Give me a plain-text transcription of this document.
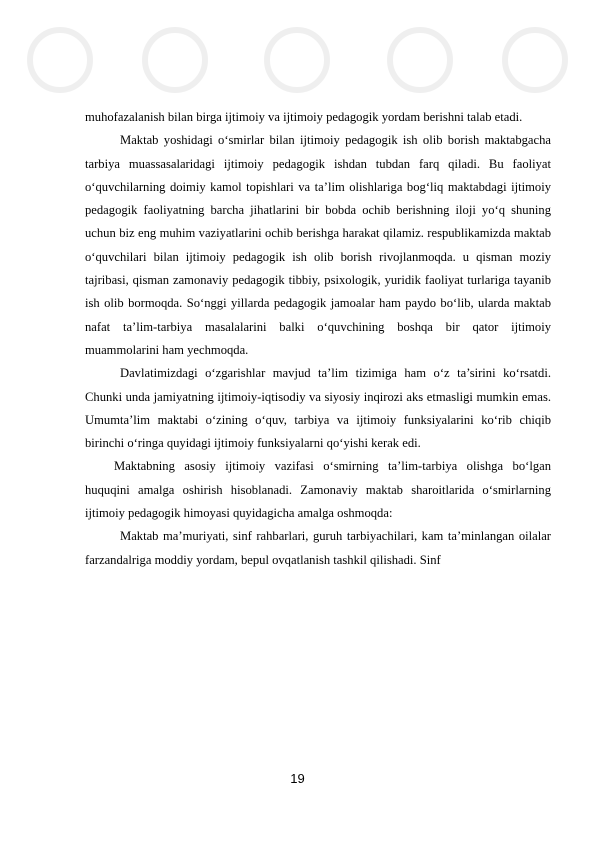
muhofazalanish bilan birga ijtimoiy va ijtimoiy pedagogik yordam berishni talab etadi.

Maktab yoshidagi o‘smirlar bilan ijtimoiy pedagogik ish olib borish maktabgacha tarbiya muassasalaridagi ijtimoiy pedagogik ishdan tubdan farq qiladi. Bu faoliyat o‘quvchilarning doimiy kamol topishlari va ta’lim olishlariga bog‘liq maktabdagi ijtimoiy pedagogik faoliyatning barcha jihatlarini bir bobda ochib berishning iloji yo‘q shuning uchun biz eng muhim vaziyatlarini ochib berishga harakat qilamiz. respublikamizda maktab o‘quvchilari bilan ijtimoiy pedagogik ish olib borish rivojlanmoqda. u qisman moziy tajribasi, qisman zamonaviy pedagogik tibbiy, psixologik, yuridik faoliyat turlariga tayanib ish olib bormoqda. So‘nggi yillarda pedagogik jamoalar ham paydo bo‘lib, ularda maktab nafat ta’lim-tarbiya masalalarini balki o‘quvchining boshqa bir qator ijtimoiy muammolarini ham yechmoqda.

Davlatimizdagi o‘zgarishlar mavjud ta’lim tizimiga ham o‘z ta’sirini ko‘rsatdi. Chunki unda jamiyatning ijtimoiy-iqtisodiy va siyosiy inqirozi aks etmasligi mumkin emas. Umumta’lim maktabi o‘zining o‘quv, tarbiya va ijtimoiy funksiyalarini ko‘rib chiqib birinchi o‘ringa quyidagi ijtimoiy funksiyalarni qo‘yishi kerak edi.

Maktabning asosiy ijtimoiy vazifasi o‘smirning ta’lim-tarbiya olishga bo‘lgan huquqini amalga oshirish hisoblanadi. Zamonaviy maktab sharoitlarida o‘smirlarning ijtimoiy pedagogik himoyasi quyidagicha amalga oshmoqda:

Maktab ma’muriyati, sinf rahbarlari, guruh tarbiyachilari, kam ta’minlangan oilalar farzandalriga moddiy yordam, bepul ovqatlanish tashkil qilishadi. Sinf

19
